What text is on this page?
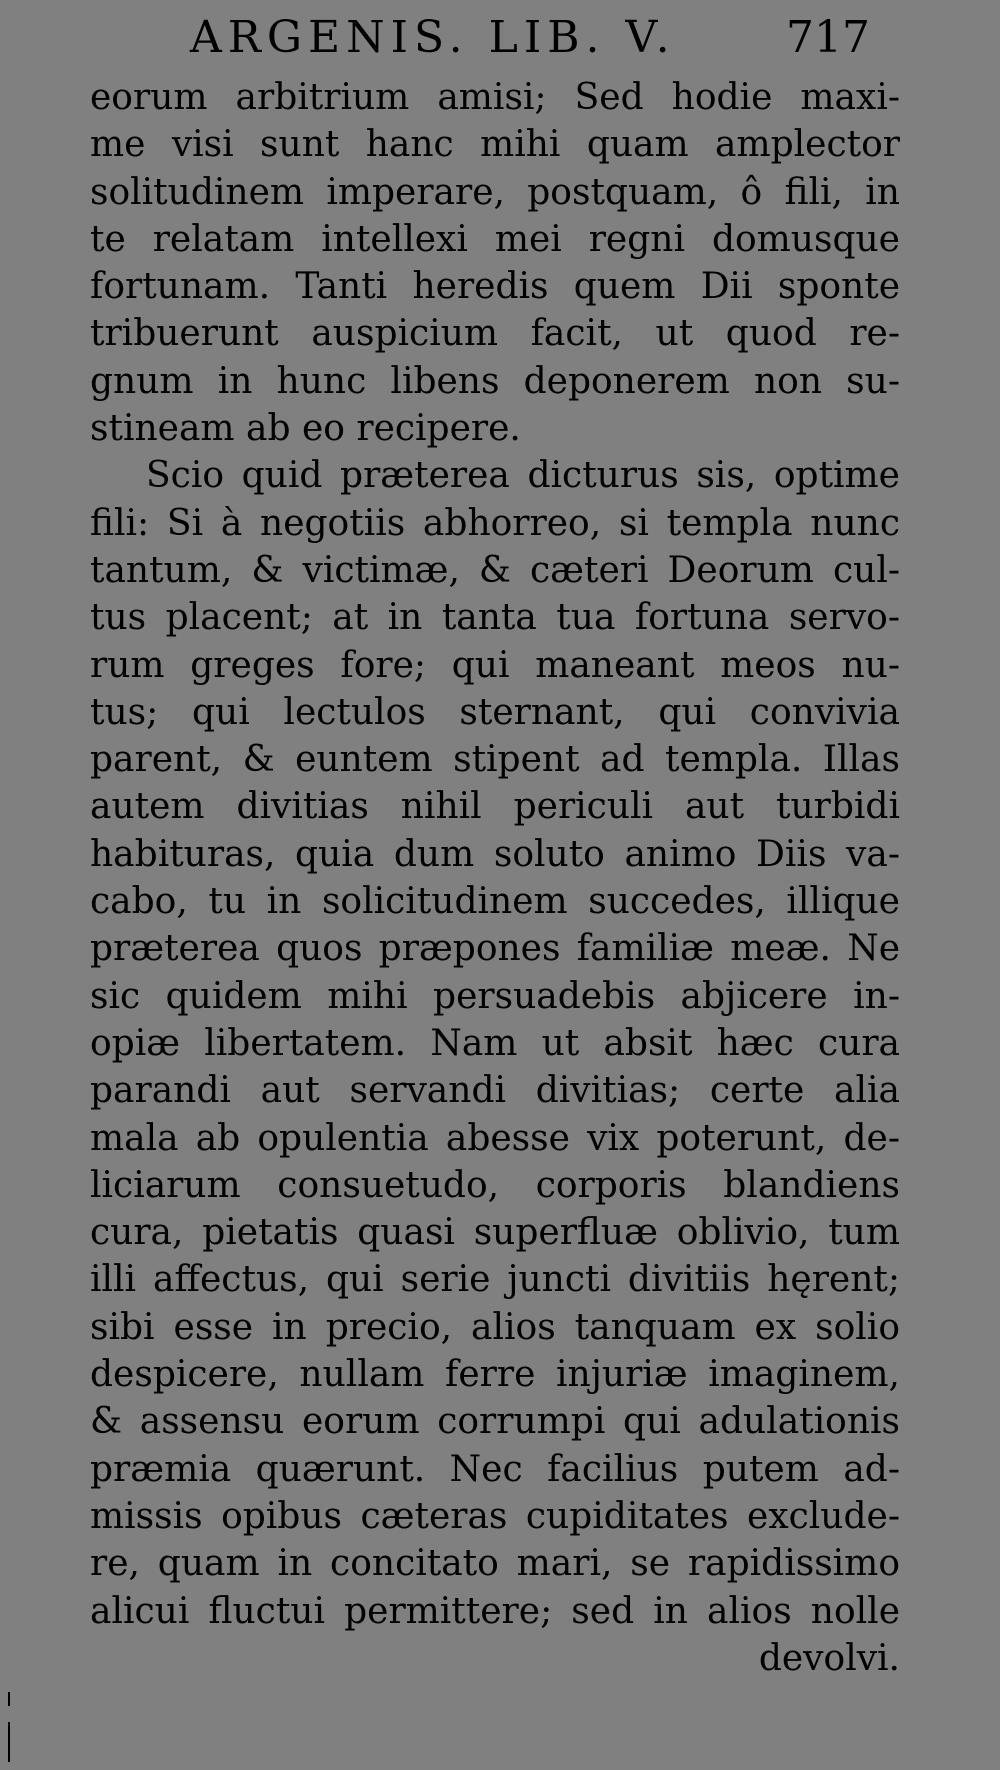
ARGENIS. LIB. V.	717
eorum arbitrium amisi; Sed hodie maxi-
me visi sunt hanc mihi quam amplector
solitudinem imperare, postquam, ô fili, in
te relatam intellexi mei regni domusque
fortunam. Tanti heredis quem Dii sponte
tribuerunt auspicium facit, ut quod re-
gnum in hunc libens deponerem non su-
stineam ab eo recipere.
Scio quid præterea dicturus sis, optime
fili: Si à negotiis abhorreo, si templa nunc
tantum, & victimæ, & cæteri Deorum cul-
tus placent; at in tanta tua fortuna servo-
rum greges fore; qui maneant meos nu-
tus; qui lectulos sternant, qui convivia
parent, & euntem stipent ad templa. Illas
autem divitias nihil periculi aut turbidi
habituras, quia dum soluto animo Diis va-
cabo, tu in solicitudinem succedes, illique
præterea quos præpones familiæ meæ. Ne
sic quidem mihi persuadebis abjicere in-
opiæ libertatem. Nam ut absit hæc cura
parandi aut servandi divitias; certe alia
mala ab opulentia abesse vix poterunt, de-
liciarum consuetudo, corporis blandiens
cura, pietatis quasi superfluæ oblivio, tum
illi affectus, qui serie juncti divitiis hęrent;
sibi esse in precio, alios tanquam ex solio
despicere, nullam ferre injuriæ imaginem,
& assensu eorum corrumpi qui adulationis
præmia quærunt. Nec facilius putem ad-
missis opibus cæteras cupiditates exclude-
re, quam in concitato mari, se rapidissimo
alicui fluctui permittere; sed in alios nolle
devolvi.
